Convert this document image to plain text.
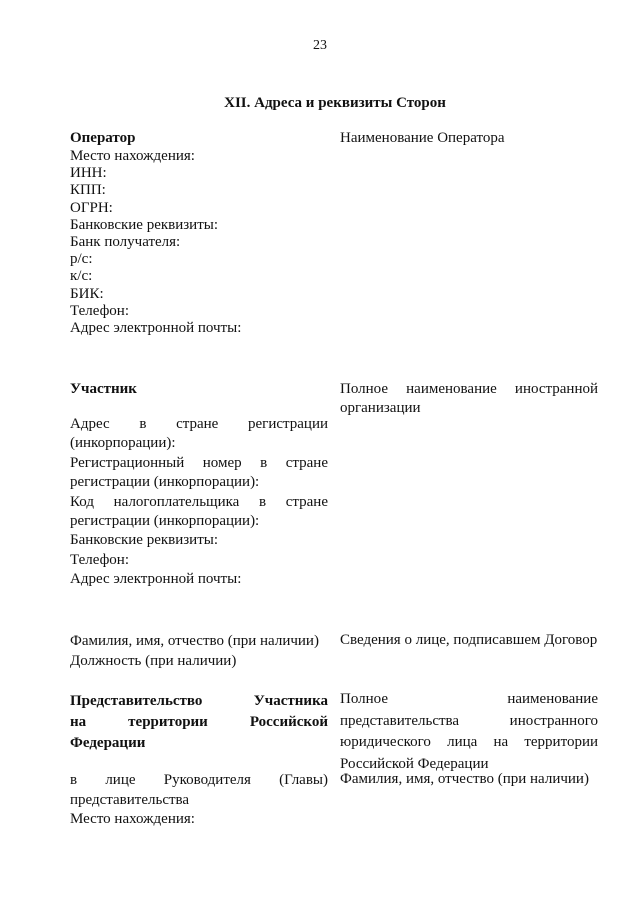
23
XII. Адреса и реквизиты Сторон
Оператор	Наименование Оператора
Место нахождения:
ИНН:
КПП:
ОГРН:
Банковские реквизиты:
Банк получателя:
р/с:
к/с:
БИК:
Телефон:
Адрес электронной почты:
Участник	Полное наименование иностранной
организации
Адрес в стране регистрации
(инкорпорации):
Регистрационный номер в стране
регистрации (инкорпорации):
Код налогоплательщика в стране
регистрации (инкорпорации):
Банковские реквизиты:
Телефон:
Адрес электронной почты:
Фамилия, имя, отчество (при наличии)
Должность (при наличии)
Сведения о лице, подписавшем Договор
Представительство Участника
на территории Российской
Федерации
Полное наименование
представительства иностранного
юридического лица на территории
Российской Федерации
в лице Руководителя (Главы)
представительства
Место нахождения:
Фамилия, имя, отчество (при наличии)
